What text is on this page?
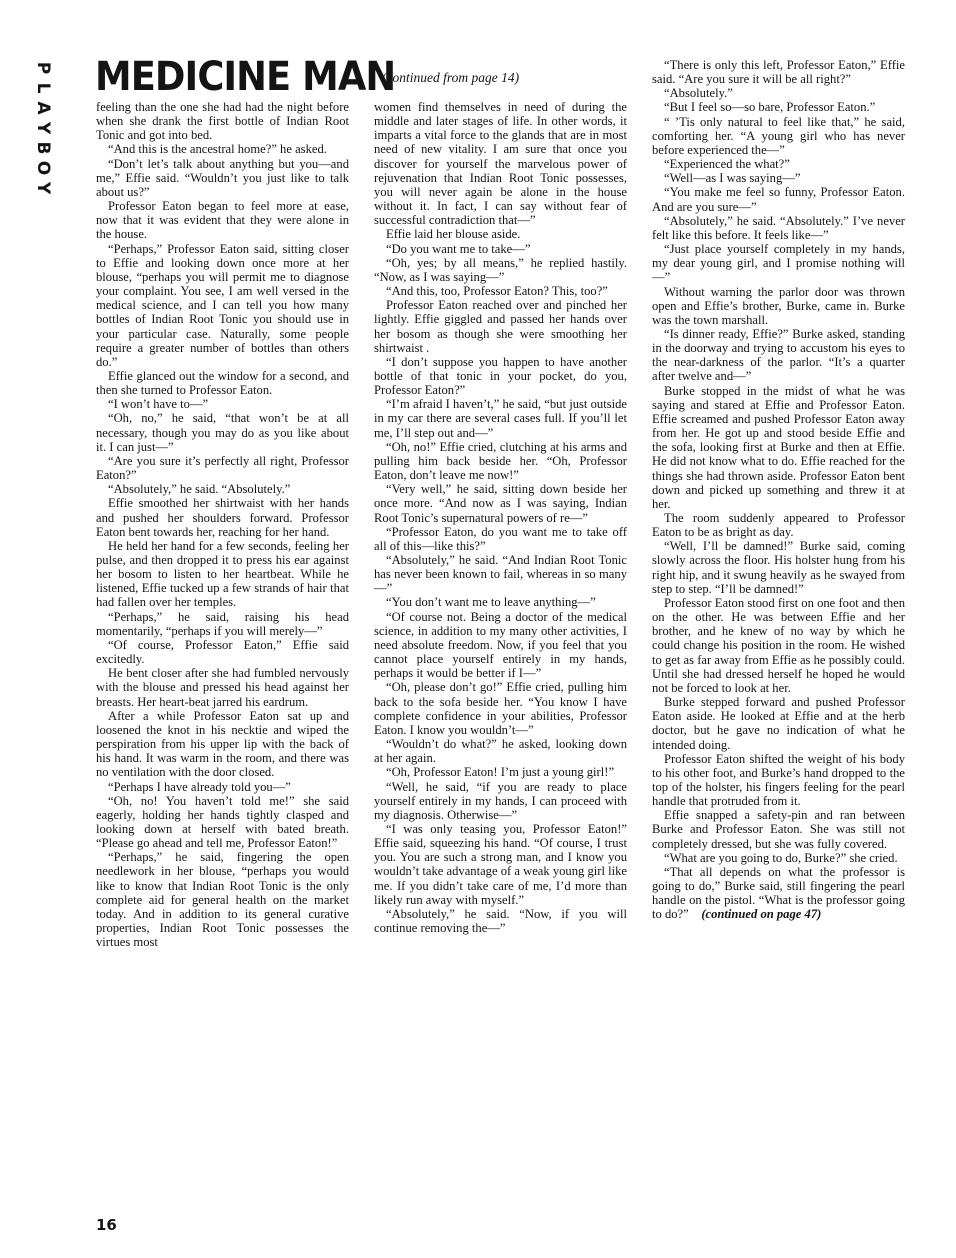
P
L
A
Y
B
O
Y
MEDICINE MAN
(continued from page 14)

feeling than the one she had had the night before when she drank the first bottle of Indian Root Tonic and got into bed.

“And this is the ancestral home?” he asked.

“Don’t let’s talk about anything but you—and me,” Effie said. “Wouldn’t you just like to talk about us?”

Professor Eaton began to feel more at ease, now that it was evident that they were alone in the house.

“Perhaps,” Professor Eaton said, sitting closer to Effie and looking down once more at her blouse, “perhaps you will permit me to diagnose your complaint. You see, I am well versed in the medical science, and I can tell you how many bottles of Indian Root Tonic you should use in your particular case. Naturally, some people require a greater number of bottles than others do.”

Effie glanced out the window for a second, and then she turned to Professor Eaton.

“I won’t have to—”

“Oh, no,” he said, “that won’t be at all necessary, though you may do as you like about it. I can just—”

“Are you sure it’s perfectly all right, Professor Eaton?”

“Absolutely,” he said. “Absolutely.”

Effie smoothed her shirtwaist with her hands and pushed her shoulders forward. Professor Eaton bent towards her, reaching for her hand.

He held her hand for a few seconds, feeling her pulse, and then dropped it to press his ear against her bosom to listen to her heartbeat. While he listened, Effie tucked up a few strands of hair that had fallen over her temples.

“Perhaps,” he said, raising his head momentarily, “perhaps if you will merely—”

“Of course, Professor Eaton,” Effie said excitedly.

He bent closer after she had fumbled nervously with the blouse and pressed his head against her breasts. Her heart-beat jarred his eardrum.

After a while Professor Eaton sat up and loosened the knot in his necktie and wiped the perspiration from his upper lip with the back of his hand. It was warm in the room, and there was no ventilation with the door closed.

“Perhaps I have already told you—”

“Oh, no! You haven’t told me!” she said eagerly, holding her hands tightly clasped and looking down at herself with bated breath. “Please go ahead and tell me, Professor Eaton!”

“Perhaps,” he said, fingering the open needlework in her blouse, “perhaps you would like to know that Indian Root Tonic is the only complete aid for general health on the market today. And in addition to its general curative properties, Indian Root Tonic possesses the virtues most

women find themselves in need of during the middle and later stages of life. In other words, it imparts a vital force to the glands that are in most need of new vitality. I am sure that once you discover for yourself the marvelous power of rejuvenation that Indian Root Tonic possesses, you will never again be alone in the house without it. In fact, I can say without fear of successful contradiction that—”

Effie laid her blouse aside.

“Do you want me to take—”

“Oh, yes; by all means,” he replied hastily. “Now, as I was saying—”

“And this, too, Professor Eaton? This, too?”

Professor Eaton reached over and pinched her lightly. Effie giggled and passed her hands over her bosom as though she were smoothing her shirtwaist .

“I don’t suppose you happen to have another bottle of that tonic in your pocket, do you, Professor Eaton?”

“I’m afraid I haven’t,” he said, “but just outside in my car there are several cases full. If you’ll let me, I’ll step out and—”

“Oh, no!” Effie cried, clutching at his arms and pulling him back beside her. “Oh, Professor Eaton, don’t leave me now!”

“Very well,” he said, sitting down beside her once more. “And now as I was saying, Indian Root Tonic’s supernatural powers of re—”

“Professor Eaton, do you want me to take off all of this—like this?”

“Absolutely,” he said. “And Indian Root Tonic has never been known to fail, whereas in so many—”

“You don’t want me to leave anything—”

“Of course not. Being a doctor of the medical science, in addition to my many other activities, I need absolute freedom. Now, if you feel that you cannot place yourself entirely in my hands, perhaps it would be better if I—”

“Oh, please don’t go!” Effie cried, pulling him back to the sofa beside her. “You know I have complete confidence in your abilities, Professor Eaton. I know you wouldn’t—”

“Wouldn’t do what?” he asked, looking down at her again.

“Oh, Professor Eaton! I’m just a young girl!”

“Well, he said, “if you are ready to place yourself entirely in my hands, I can proceed with my diagnosis. Otherwise—”

“I was only teasing you, Professor Eaton!” Effie said, squeezing his hand. “Of course, I trust you. You are such a strong man, and I know you wouldn’t take advantage of a weak young girl like me. If you didn’t take care of me, I’d more than likely run away with myself.”

“Absolutely,” he said. “Now, if you will continue removing the—”

“There is only this left, Professor Eaton,” Effie said. “Are you sure it will be all right?”

“Absolutely.”

“But I feel so—so bare, Professor Eaton.”

“ ’Tis only natural to feel like that,” he said, comforting her. “A young girl who has never before experienced the—”

“Experienced the what?”

“Well—as I was saying—”

“You make me feel so funny, Professor Eaton. And are you sure—”

“Absolutely,” he said. “Absolutely.” I’ve never felt like this before. It feels like—”

“Just place yourself completely in my hands, my dear young girl, and I promise nothing will—”

Without warning the parlor door was thrown open and Effie’s brother, Burke, came in. Burke was the town marshall.

“Is dinner ready, Effie?” Burke asked, standing in the doorway and trying to accustom his eyes to the near-darkness of the parlor. “It’s a quarter after twelve and—”

Burke stopped in the midst of what he was saying and stared at Effie and Professor Eaton. Effie screamed and pushed Professor Eaton away from her. He got up and stood beside Effie and the sofa, looking first at Burke and then at Effie. He did not know what to do. Effie reached for the things she had thrown aside. Professor Eaton bent down and picked up something and threw it at her.

The room suddenly appeared to Professor Eaton to be as bright as day.

“Well, I’ll be damned!” Burke said, coming slowly across the floor. His holster hung from his right hip, and it swung heavily as he swayed from step to step. “I’ll be damned!”

Professor Eaton stood first on one foot and then on the other. He was between Effie and her brother, and he knew of no way by which he could change his position in the room. He wished to get as far away from Effie as he possibly could. Until she had dressed herself he hoped he would not be forced to look at her.

Burke stepped forward and pushed Professor Eaton aside. He looked at Effie and at the herb doctor, but he gave no indication of what he intended doing.

Professor Eaton shifted the weight of his body to his other foot, and Burke’s hand dropped to the top of the holster, his fingers feeling for the pearl handle that protruded from it.

Effie snapped a safety-pin and ran between Burke and Professor Eaton. She was still not completely dressed, but she was fully covered.

“What are you going to do, Burke?” she cried.

“That all depends on what the professor is going to do,” Burke said, still fingering the pearl handle on the pistol. “What is the professor going to do?” (continued on page 47)

16
